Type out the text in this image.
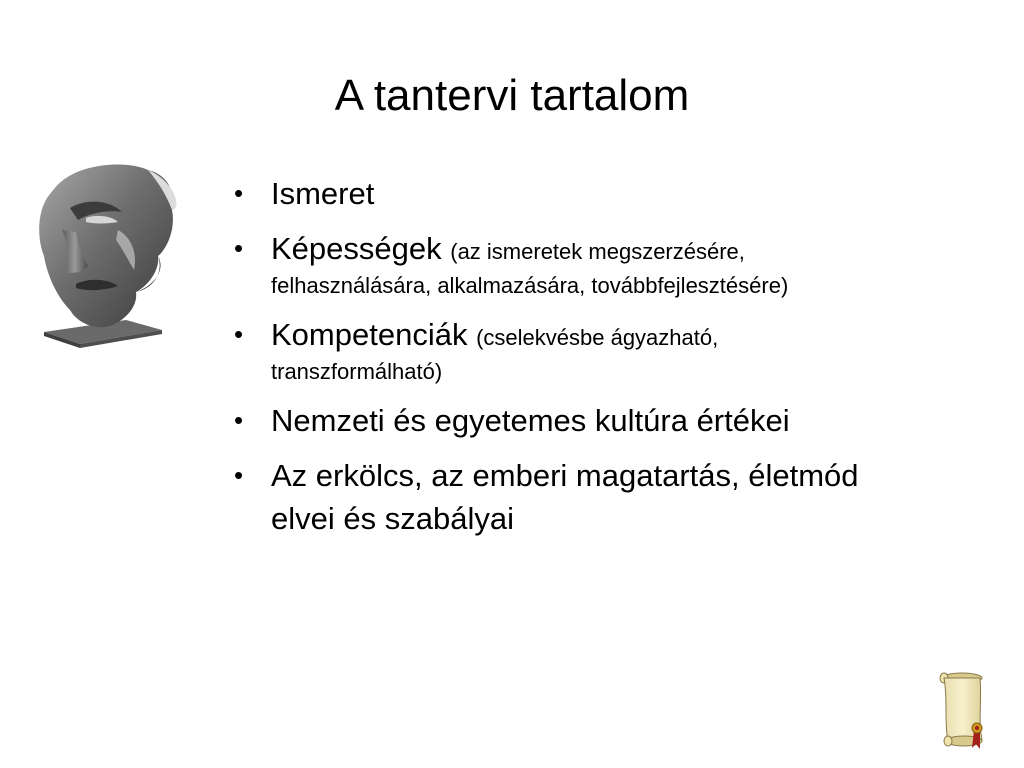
A tantervi tartalom
• Ismeret
• Képességek (az ismeretek megszerzésére,
felhasználására, alkalmazására, továbbfejlesztésére)
• Kompetenciák (cselekvésbe ágyazható,
transzformálható)
• Nemzeti és egyetemes kultúra értékei
• Az erkölcs, az emberi magatartás, életmód
elvei és szabályai
